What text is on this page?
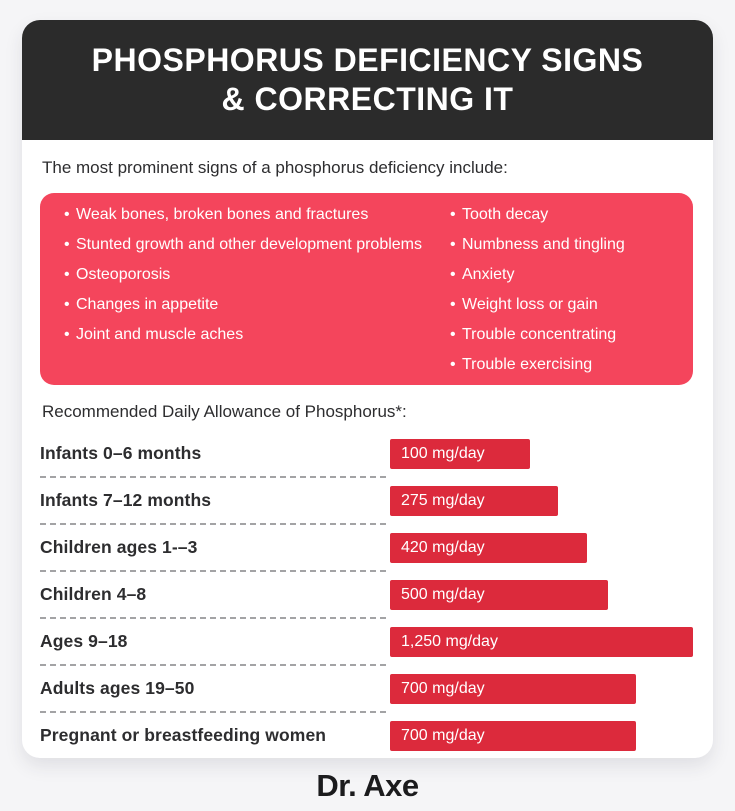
PHOSPHORUS DEFICIENCY SIGNS
& CORRECTING IT
The most prominent signs of a phosphorus deficiency include:
• Weak bones, broken bones and fractures
• Stunted growth and other development problems
• Osteoporosis
• Changes in appetite
• Joint and muscle aches
• Tooth decay
• Numbness and tingling
• Anxiety
• Weight loss or gain
• Trouble concentrating
• Trouble exercising
Recommended Daily Allowance of Phosphorus*:
Infants 0–6 months	100 mg/day
Infants 7–12 months	275 mg/day
Children ages 1-–3	420 mg/day
Children 4–8	500 mg/day
Ages 9–18	1,250 mg/day
Adults ages 19–50	700 mg/day
Pregnant or breastfeeding women	700 mg/day
Dr. Axe
